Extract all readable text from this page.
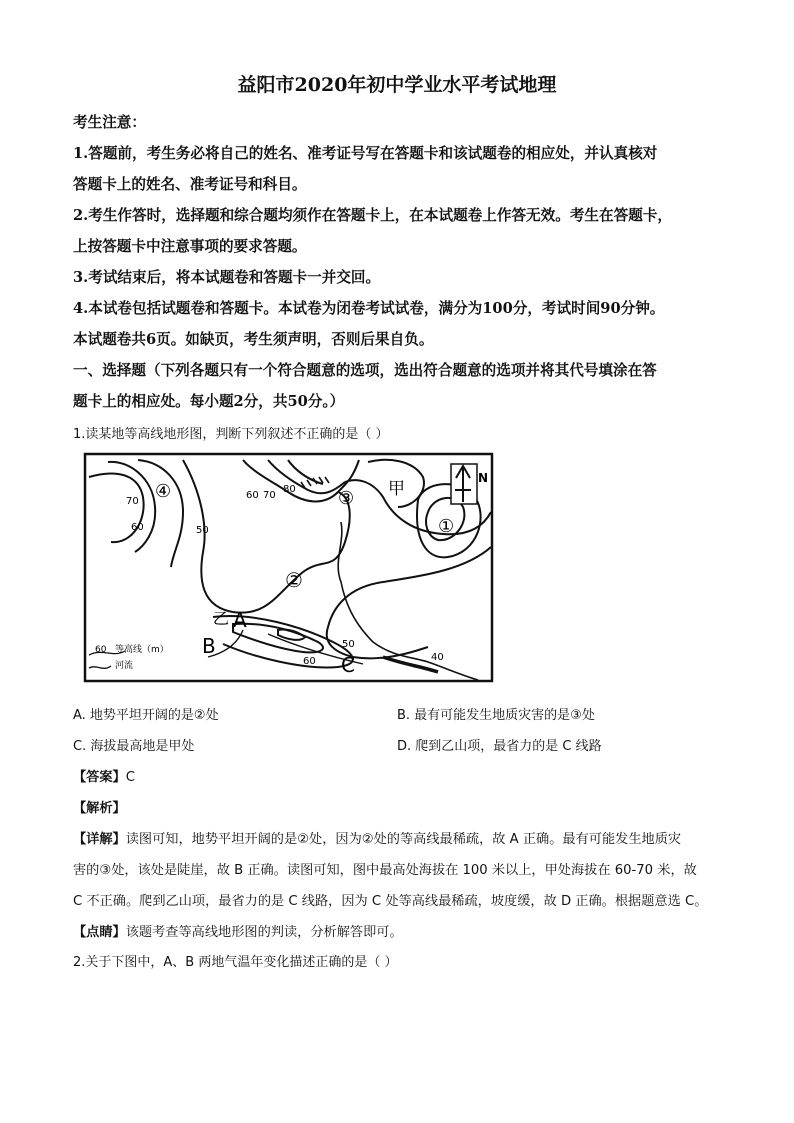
益阳市2020年初中学业水平考试地理
考生注意：
1.答题前，考生务必将自己的姓名、准考证号写在答题卡和该试题卷的相应处，并认真核对
答题卡上的姓名、准考证号和科目。
2.考生作答时，选择题和综合题均须作在答题卡上，在本试题卷上作答无效。考生在答题卡，
上按答题卡中注意事项的要求答题。
3.考试结束后，将本试题卷和答题卡一并交回。
4.本试卷包括试题卷和答题卡。本试卷为闭卷考试试卷，满分为100分，考试时间90分钟。
本试题卷共6页。如缺页，考生须声明，否则后果自负。
一、选择题（下列各题只有一个符合题意的选项，选出符合题意的选项并将其代号填涂在答
题卡上的相应处。每小题2分，共50分。）
1.读某地等高线地形图，判断下列叙述不正确的是（ ）
N
70
60	50
60 70
80
50
60	40
④	③ 甲
①
②
乙 A
B
C
60 等高线（m）
河流
A. 地势平坦开阔的是②处	B. 最有可能发生地质灾害的是③处
C. 海拔最高地是甲处	D. 爬到乙山项，最省力的是 C 线路
【答案】C
【解析】
【详解】读图可知，地势平坦开阔的是②处，因为②处的等高线最稀疏，故 A 正确。最有可能发生地质灾
害的③处，该处是陡崖，故 B 正确。读图可知，图中最高处海拔在 100 米以上，甲处海拔在 60-70 米，故
C 不正确。爬到乙山项，最省力的是 C 线路，因为 C 处等高线最稀疏，坡度缓，故 D 正确。根据题意选 C。
【点睛】该题考查等高线地形图的判读，分析解答即可。
2.关于下图中，A、B 两地气温年变化描述正确的是（ ）
